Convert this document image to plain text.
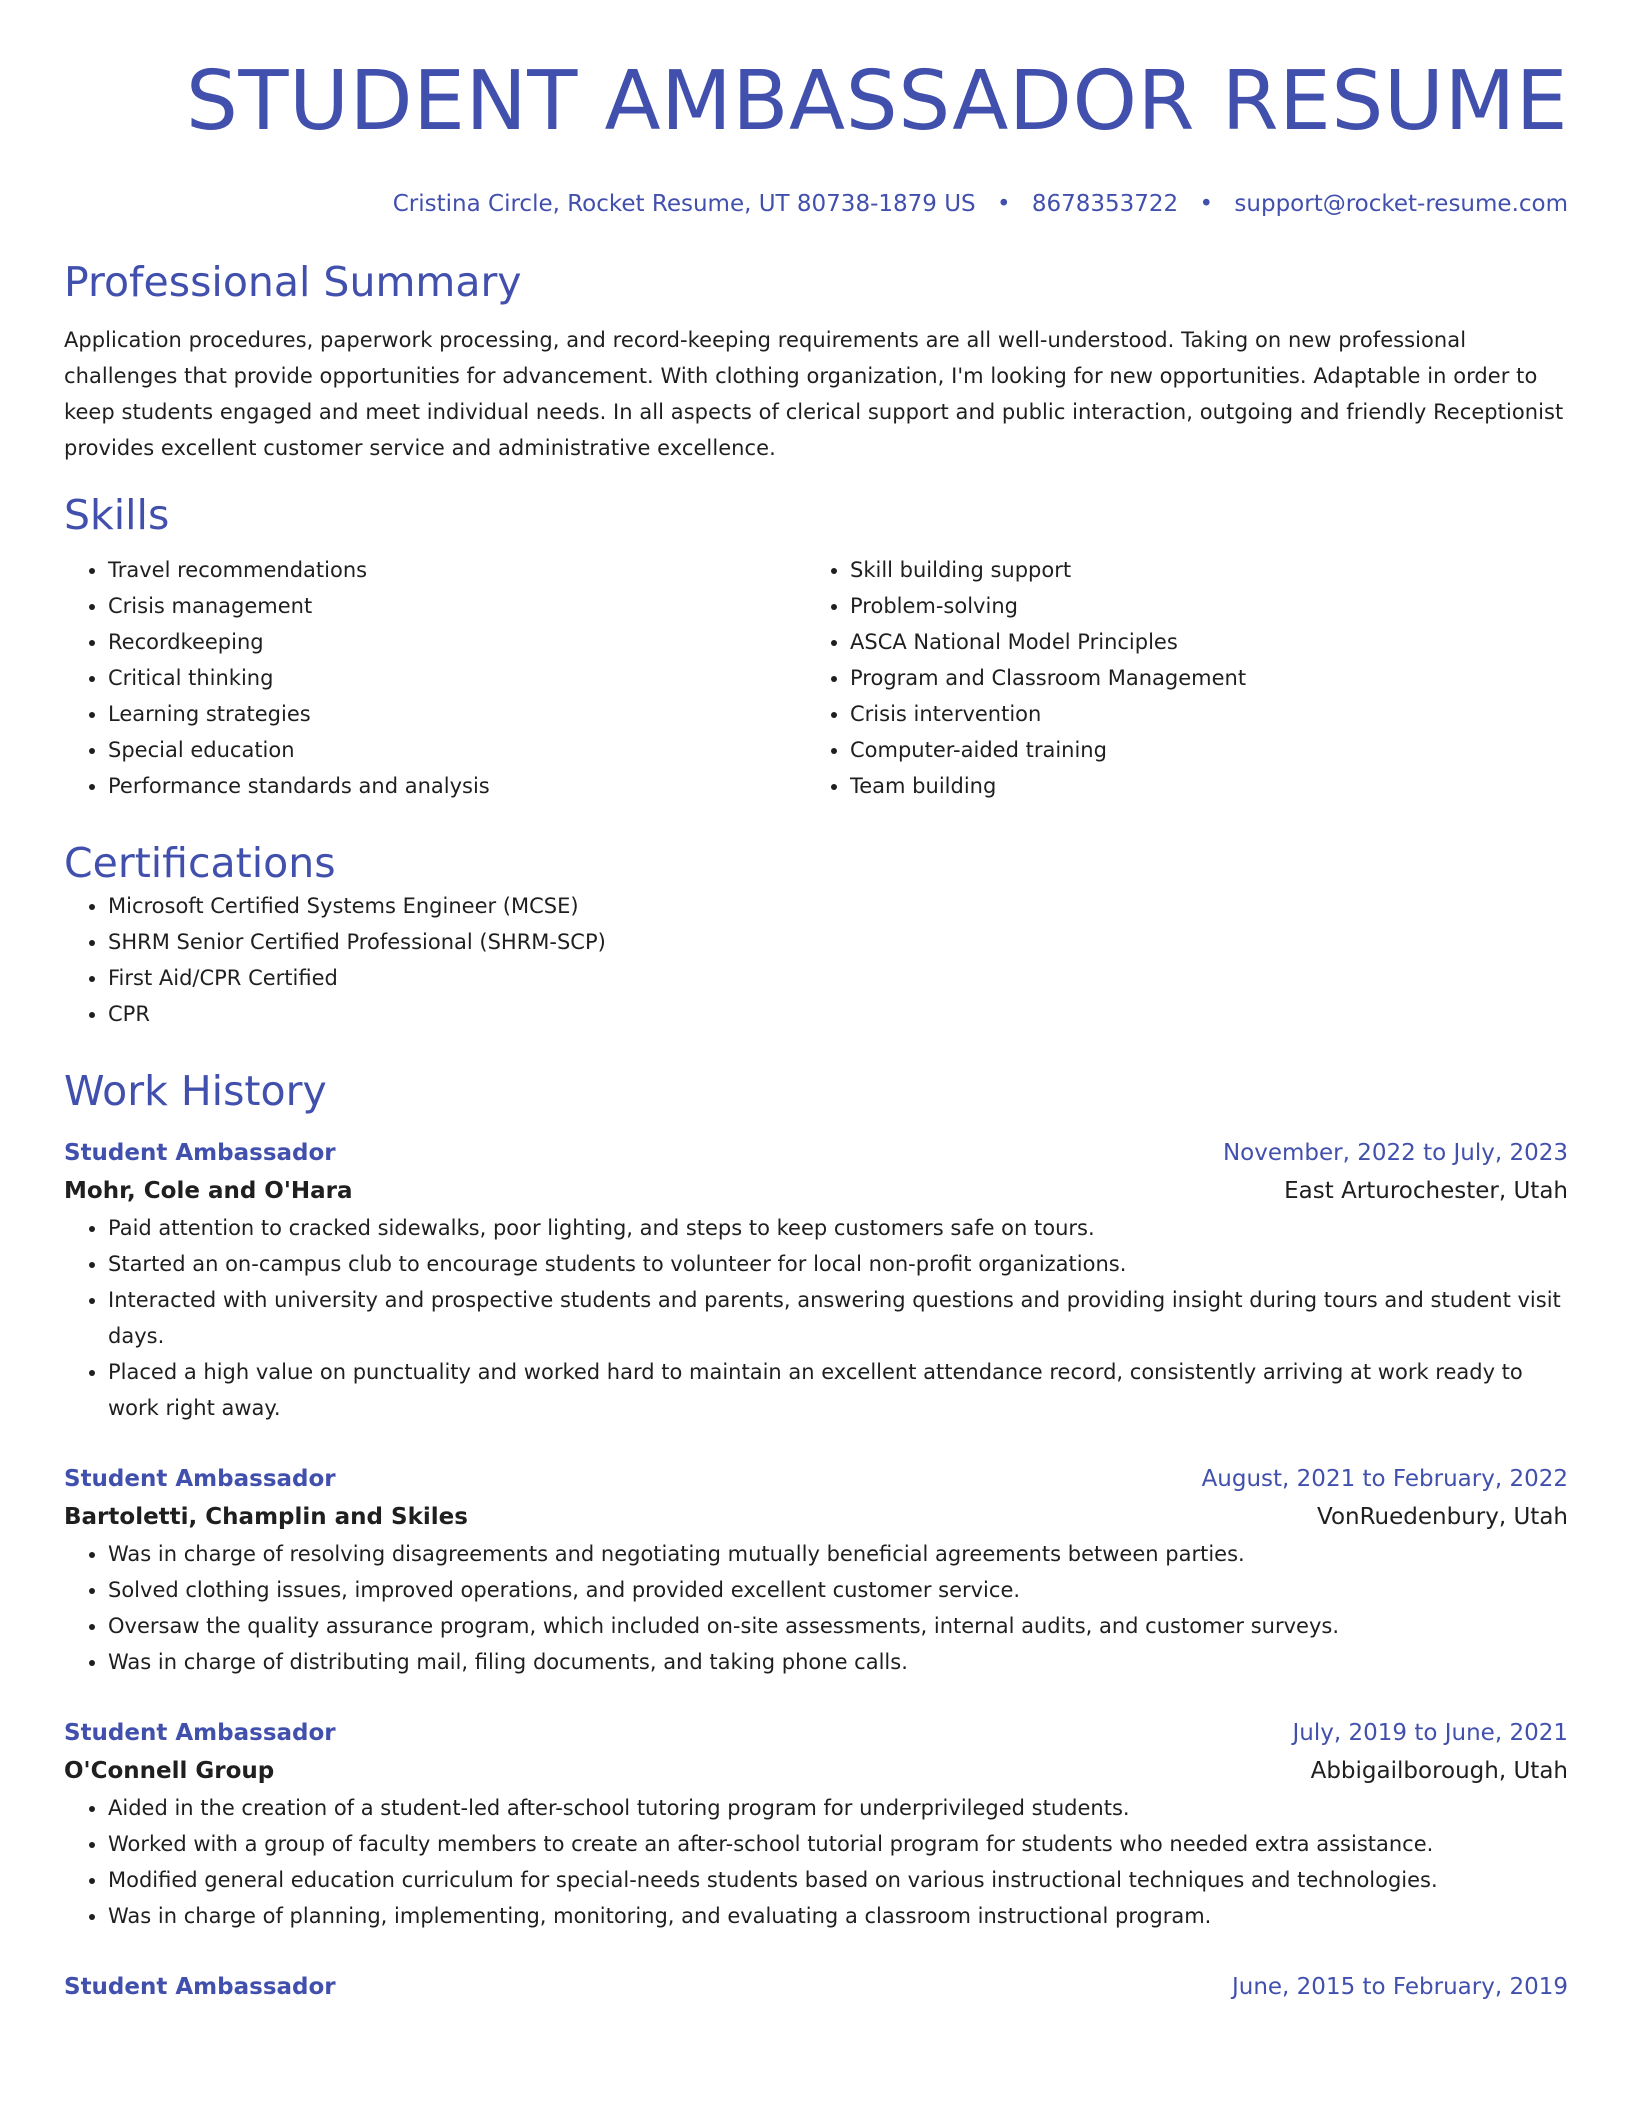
STUDENT AMBASSADOR RESUME
Cristina Circle, Rocket Resume, UT 80738-1879 US • 8678353722 • support@rocket-resume.com
Professional Summary

Application procedures, paperwork processing, and record-keeping requirements are all well-understood. Taking on new professional challenges that provide opportunities for advancement. With clothing organization, I'm looking for new opportunities. Adaptable in order to keep students engaged and meet individual needs. In all aspects of clerical support and public interaction, outgoing and friendly Receptionist provides excellent customer service and administrative excellence.

Skills
• Travel recommendations
• Crisis management
• Recordkeeping
• Critical thinking
• Learning strategies
• Special education
• Performance standards and analysis
• Skill building support
• Problem-solving
• ASCA National Model Principles
• Program and Classroom Management
• Crisis intervention
• Computer-aided training
• Team building
Certifications
• Microsoft Certified Systems Engineer (MCSE)
• SHRM Senior Certified Professional (SHRM-SCP)
• First Aid/CPR Certified
• CPR
Work History
Student Ambassador	November, 2022 to July, 2023
Mohr, Cole and O'Hara	East Arturochester, Utah
• Paid attention to cracked sidewalks, poor lighting, and steps to keep customers safe on tours.
• Started an on-campus club to encourage students to volunteer for local non-profit organizations.
• Interacted with university and prospective students and parents, answering questions and providing insight during tours and student visit days.
• Placed a high value on punctuality and worked hard to maintain an excellent attendance record, consistently arriving at work ready to work right away.
Student Ambassador	August, 2021 to February, 2022
Bartoletti, Champlin and Skiles	VonRuedenbury, Utah
• Was in charge of resolving disagreements and negotiating mutually beneficial agreements between parties.
• Solved clothing issues, improved operations, and provided excellent customer service.
• Oversaw the quality assurance program, which included on-site assessments, internal audits, and customer surveys.
• Was in charge of distributing mail, filing documents, and taking phone calls.
Student Ambassador	July, 2019 to June, 2021
O'Connell Group	Abbigailborough, Utah
• Aided in the creation of a student-led after-school tutoring program for underprivileged students.
• Worked with a group of faculty members to create an after-school tutorial program for students who needed extra assistance.
• Modified general education curriculum for special-needs students based on various instructional techniques and technologies.
• Was in charge of planning, implementing, monitoring, and evaluating a classroom instructional program.
Student Ambassador	June, 2015 to February, 2019
